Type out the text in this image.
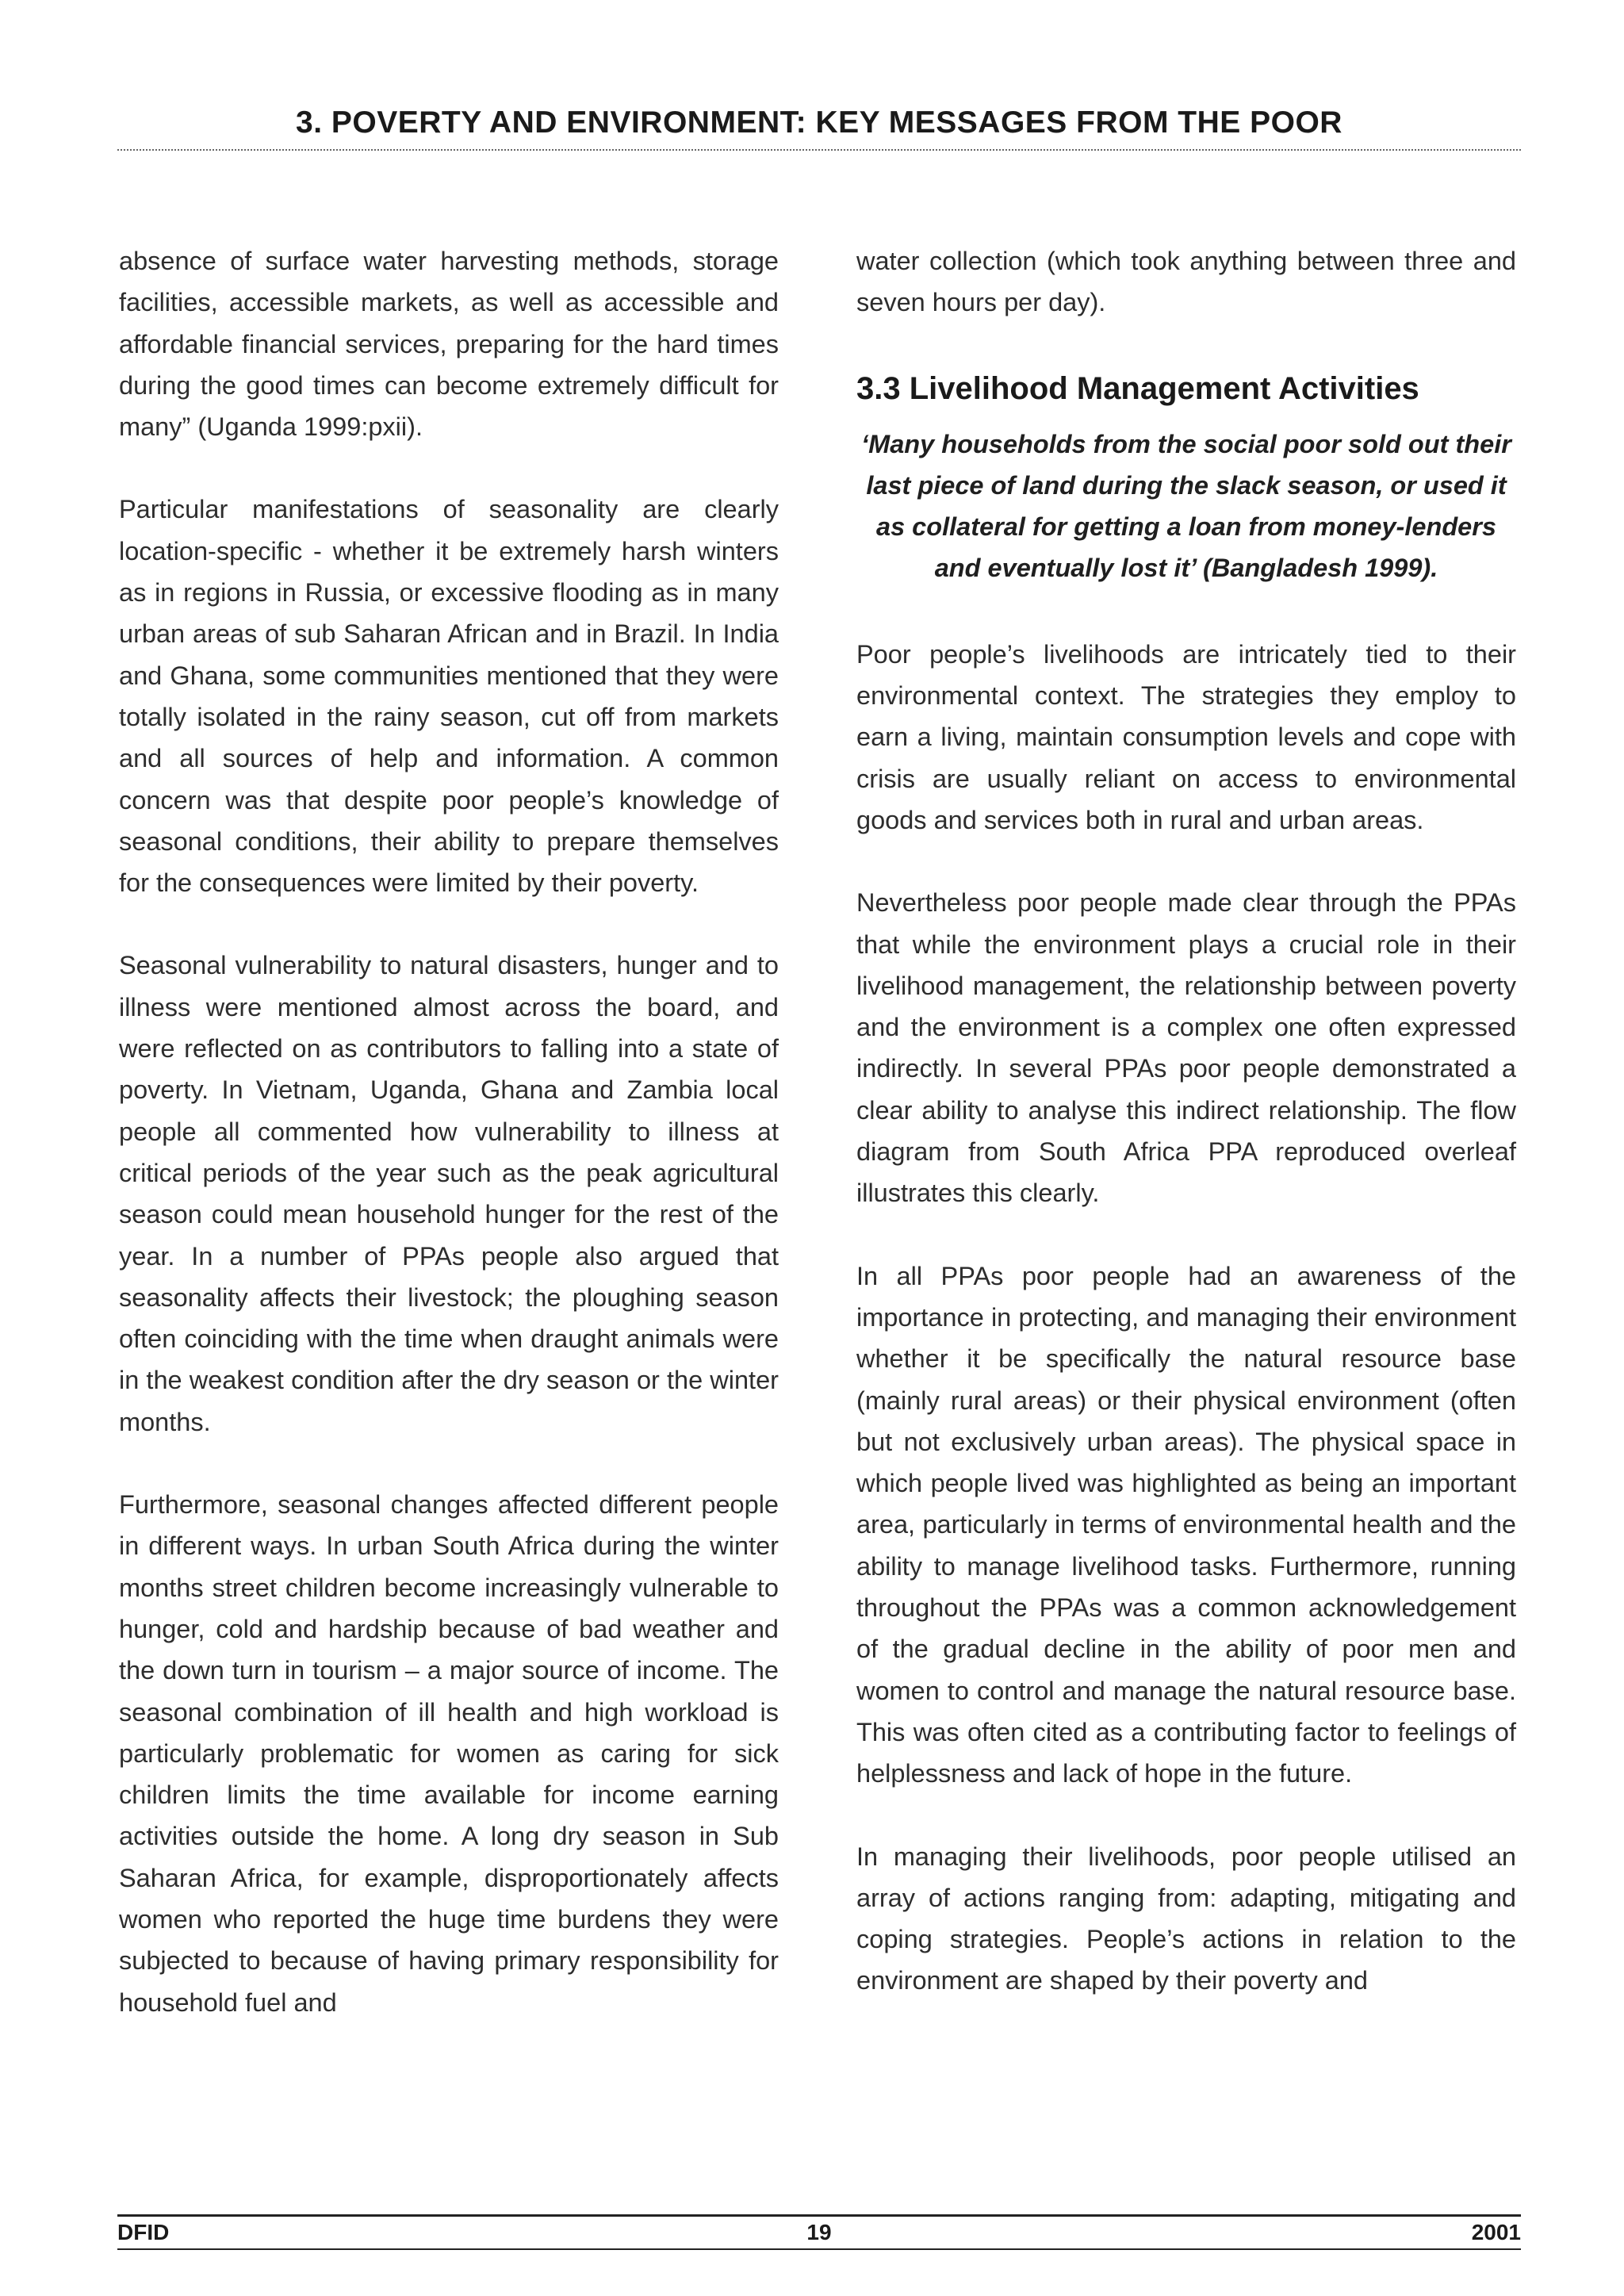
3. POVERTY AND ENVIRONMENT: KEY MESSAGES FROM THE POOR

absence of surface water harvesting methods, storage facilities, accessible markets, as well as accessible and affordable financial services, preparing for the hard times during the good times can become extremely difficult for many” (Uganda 1999:pxii).

Particular manifestations of seasonality are clearly location-specific - whether it be extremely harsh winters as in regions in Russia, or excessive flooding as in many urban areas of sub Saharan African and in Brazil. In India and Ghana, some communities mentioned that they were totally isolated in the rainy season, cut off from markets and all sources of help and information. A common concern was that despite poor people’s knowledge of seasonal conditions, their ability to prepare themselves for the consequences were limited by their poverty.

Seasonal vulnerability to natural disasters, hunger and to illness were mentioned almost across the board, and were reflected on as contributors to falling into a state of poverty. In Vietnam, Uganda, Ghana and Zambia local people all commented how vulnerability to illness at critical periods of the year such as the peak agricultural season could mean household hunger for the rest of the year. In a number of PPAs people also argued that seasonality affects their livestock; the ploughing season often coinciding with the time when draught animals were in the weakest condition after the dry season or the winter months.

Furthermore, seasonal changes affected different people in different ways. In urban South Africa during the winter months street children become increasingly vulnerable to hunger, cold and hardship because of bad weather and the down turn in tourism – a major source of income. The seasonal combination of ill health and high workload is particularly problematic for women as caring for sick children limits the time available for income earning activities outside the home. A long dry season in Sub Saharan Africa, for example, disproportionately affects women who reported the huge time burdens they were subjected to because of having primary responsibility for household fuel and

water collection (which took anything between three and seven hours per day).

3.3 Livelihood Management Activities

‘Many households from the social poor sold out their last piece of land during the slack season, or used it as collateral for getting a loan from money-lenders and eventually lost it’ (Bangladesh 1999).

Poor people’s livelihoods are intricately tied to their environmental context. The strategies they employ to earn a living, maintain consumption levels and cope with crisis are usually reliant on access to environmental goods and services both in rural and urban areas.

Nevertheless poor people made clear through the PPAs that while the environment plays a crucial role in their livelihood management, the relationship between poverty and the environment is a complex one often expressed indirectly. In several PPAs poor people demonstrated a clear ability to analyse this indirect relationship. The flow diagram from South Africa PPA reproduced overleaf illustrates this clearly.

In all PPAs poor people had an awareness of the importance in protecting, and managing their environment whether it be specifically the natural resource base (mainly rural areas) or their physical environment (often but not exclusively urban areas). The physical space in which people lived was highlighted as being an important area, particularly in terms of environmental health and the ability to manage livelihood tasks. Furthermore, running throughout the PPAs was a common acknowledgement of the gradual decline in the ability of poor men and women to control and manage the natural resource base. This was often cited as a contributing factor to feelings of helplessness and lack of hope in the future.

In managing their livelihoods, poor people utilised an array of actions ranging from: adapting, mitigating and coping strategies. People’s actions in relation to the environment are shaped by their poverty and

DFID	19	2001
